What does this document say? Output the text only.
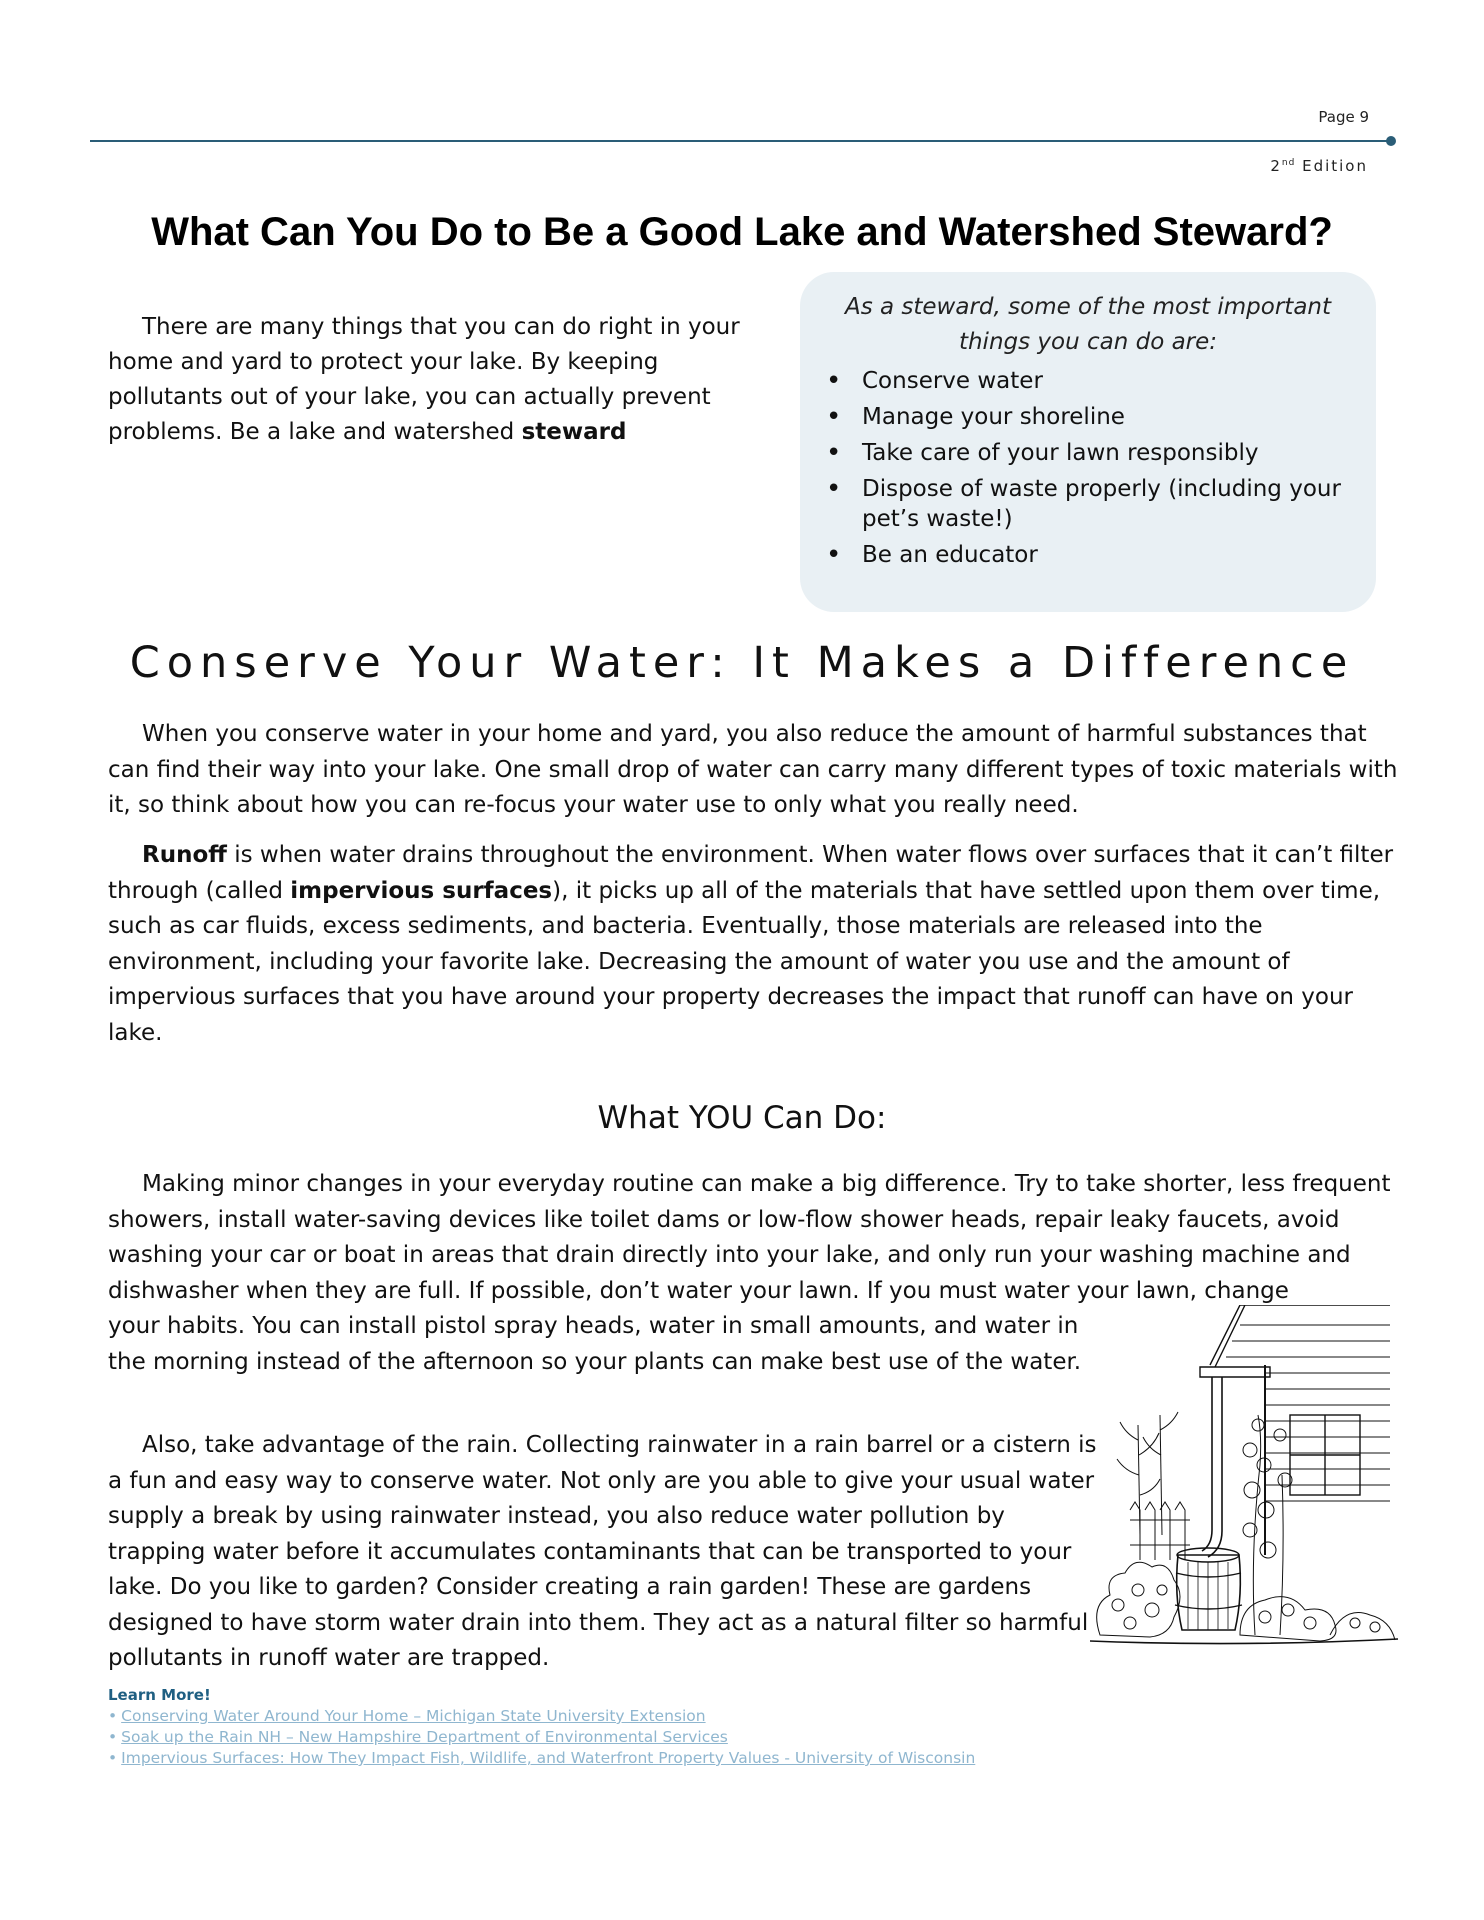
Page 9
2nd Edition
What Can You Do to Be a Good Lake and Watershed Steward?

There are many things that you can do right in your home and yard to protect your lake. By keeping pollutants out of your lake, you can actually prevent problems. Be a lake and watershed steward

As a steward, some of the most important things you can do are:

• Conserve water
• Manage your shoreline
• Take care of your lawn responsibly
• Dispose of waste properly (including your pet’s waste!)
• Be an educator
Conserve Your Water: It Makes a Difference

When you conserve water in your home and yard, you also reduce the amount of harmful substances that can find their way into your lake. One small drop of water can carry many different types of toxic materials with it, so think about how you can re-focus your water use to only what you really need.

Runoff is when water drains throughout the environment. When water flows over surfaces that it can’t filter through (called impervious surfaces), it picks up all of the materials that have settled upon them over time, such as car fluids, excess sediments, and bacteria. Eventually, those materials are released into the environment, including your favorite lake. Decreasing the amount of water you use and the amount of impervious surfaces that you have around your property decreases the impact that runoff can have on your lake.

What YOU Can Do:

Making minor changes in your everyday routine can make a big difference. Try to take shorter, less frequent showers, install water-saving devices like toilet dams or low-flow shower heads, repair leaky faucets, avoid washing your car or boat in areas that drain directly into your lake, and only run your washing machine and dishwasher when they are full. If possible, don’t water your lawn. If you must water your lawn, change

your habits. You can install pistol spray heads, water in small amounts, and water in the morning instead of the afternoon so your plants can make best use of the water.

Also, take advantage of the rain. Collecting rainwater in a rain barrel or a cistern is a fun and easy way to conserve water. Not only are you able to give your usual water supply a break by using rainwater instead, you also reduce water pollution by trapping water before it accumulates contaminants that can be transported to your lake. Do you like to garden? Consider creating a rain garden! These are gardens designed to have storm water drain into them. They act as a natural filter so harmful pollutants in runoff water are trapped.

Learn More!

• Conserving Water Around Your Home – Michigan State University Extension
• Soak up the Rain NH – New Hampshire Department of Environmental Services
• Impervious Surfaces: How They Impact Fish, Wildlife, and Waterfront Property Values - University of Wisconsin
